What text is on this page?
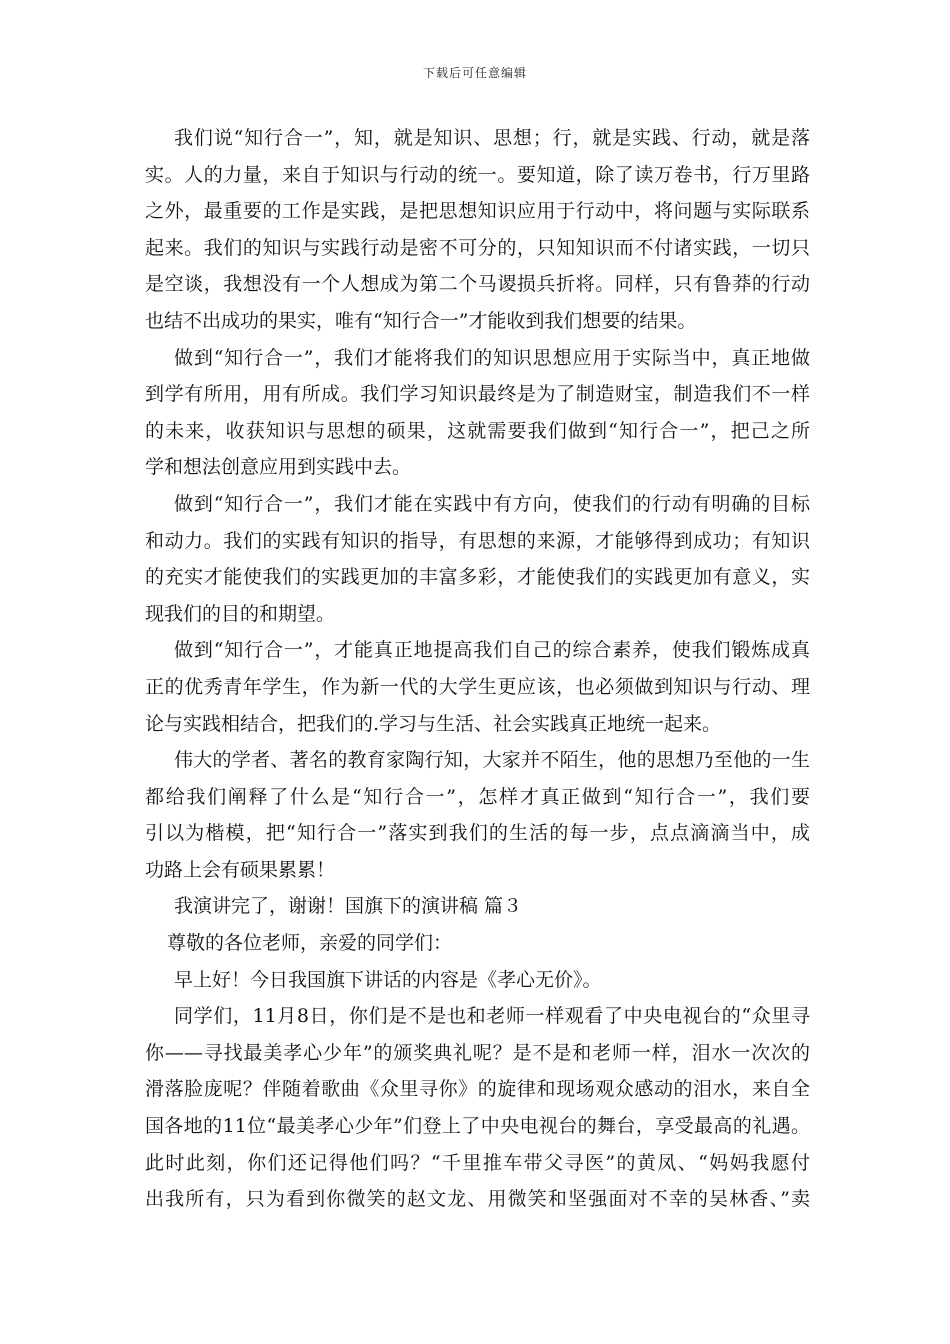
下载后可任意编辑
我们说“知行合一”，知，就是知识、思想；行，就是实践、行动，就是落
实。人的力量，来自于知识与行动的统一。要知道，除了读万卷书，行万里路
之外，最重要的工作是实践，是把思想知识应用于行动中，将问题与实际联系
起来。我们的知识与实践行动是密不可分的，只知知识而不付诸实践，一切只
是空谈，我想没有一个人想成为第二个马谡损兵折将。同样，只有鲁莽的行动
也结不出成功的果实，唯有“知行合一”才能收到我们想要的结果。
做到“知行合一”，我们才能将我们的知识思想应用于实际当中，真正地做
到学有所用，用有所成。我们学习知识最终是为了制造财宝，制造我们不一样
的未来，收获知识与思想的硕果，这就需要我们做到“知行合一”，把己之所
学和想法创意应用到实践中去。
做到“知行合一”，我们才能在实践中有方向，使我们的行动有明确的目标
和动力。我们的实践有知识的指导，有思想的来源，才能够得到成功；有知识
的充实才能使我们的实践更加的丰富多彩，才能使我们的实践更加有意义，实
现我们的目的和期望。
做到“知行合一”，才能真正地提高我们自己的综合素养，使我们锻炼成真
正的优秀青年学生，作为新一代的大学生更应该，也必须做到知识与行动、理
论与实践相结合，把我们的.学习与生活、社会实践真正地统一起来。
伟大的学者、著名的教育家陶行知，大家并不陌生，他的思想乃至他的一生
都给我们阐释了什么是“知行合一”，怎样才真正做到“知行合一”，我们要
引以为楷模，把“知行合一”落实到我们的生活的每一步，点点滴滴当中，成
功路上会有硕果累累！
我演讲完了，谢谢！国旗下的演讲稿 篇３
尊敬的各位老师，亲爱的同学们：
早上好！今日我国旗下讲话的内容是《孝心无价》。
同学们，11月8日，你们是不是也和老师一样观看了中央电视台的“众里寻
你——寻找最美孝心少年”的颁奖典礼呢？是不是和老师一样，泪水一次次的
滑落脸庞呢？伴随着歌曲《众里寻你》的旋律和现场观众感动的泪水，来自全
国各地的11位“最美孝心少年”们登上了中央电视台的舞台，享受最高的礼遇。
此时此刻，你们还记得他们吗？“千里推车带父寻医”的黄凤、“妈妈我愿付
出我所有，只为看到你微笑的赵文龙、用微笑和坚强面对不幸的吴林香、”卖
